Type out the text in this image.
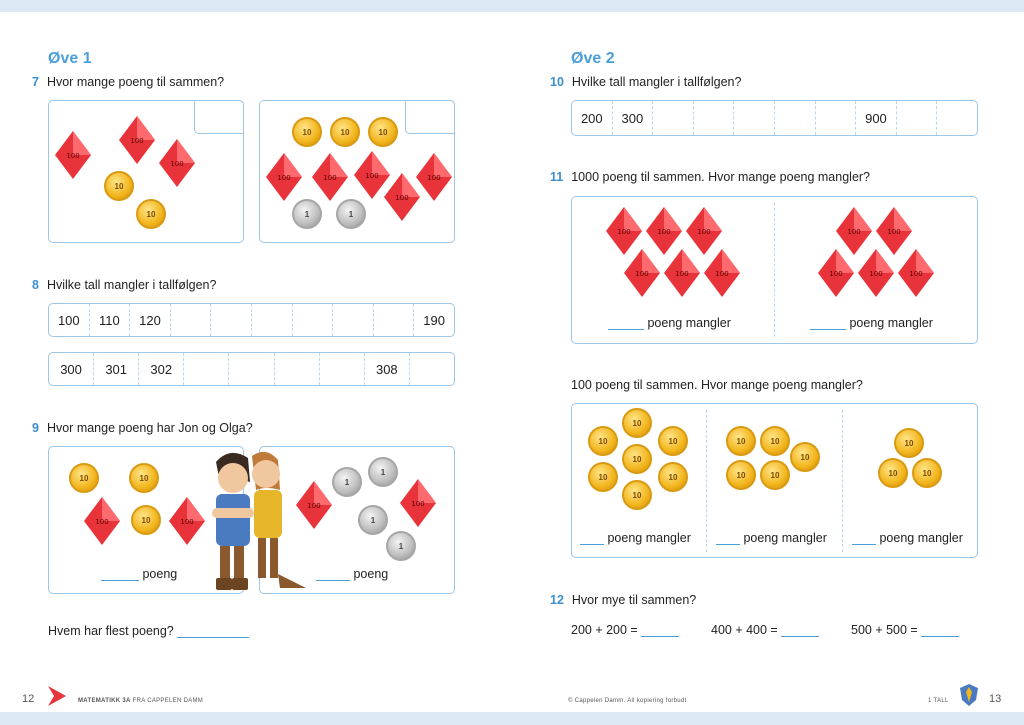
Øve 1
7 Hvor mange poeng til sammen?
100
100
100
10
10
10	10	10
100	100	100
100
100
1	1
8 Hvilke tall mangler i tallfølgen?
100	110	120	190
300	301	302	308
9 Hvor mange poeng har Jon og Olga?
10	10
100	10	100
poeng
1
1
100
1
100
1
poeng
Hvem har flest poeng?
12	MATEMATIKK 3A FRA CAPPELEN DAMM
Øve 2
10 Hvilke tall mangler i tallfølgen?
200	300	900
11 1000 poeng til sammen. Hvor mange poeng mangler?
100	100	100
100	100	100
100	100
100	100	100
poeng mangler	poeng mangler
100 poeng til sammen. Hvor mange poeng mangler?
10
10	10
10
10	10
10
10	10
10
10	10
10
10	10
poeng mangler	poeng mangler	poeng mangler
12 Hvor mye til sammen?
200 + 200 =	400 + 400 =	500 + 500 =
© Cappelen Damm. All kopiering forbudt	1 TALL	13
